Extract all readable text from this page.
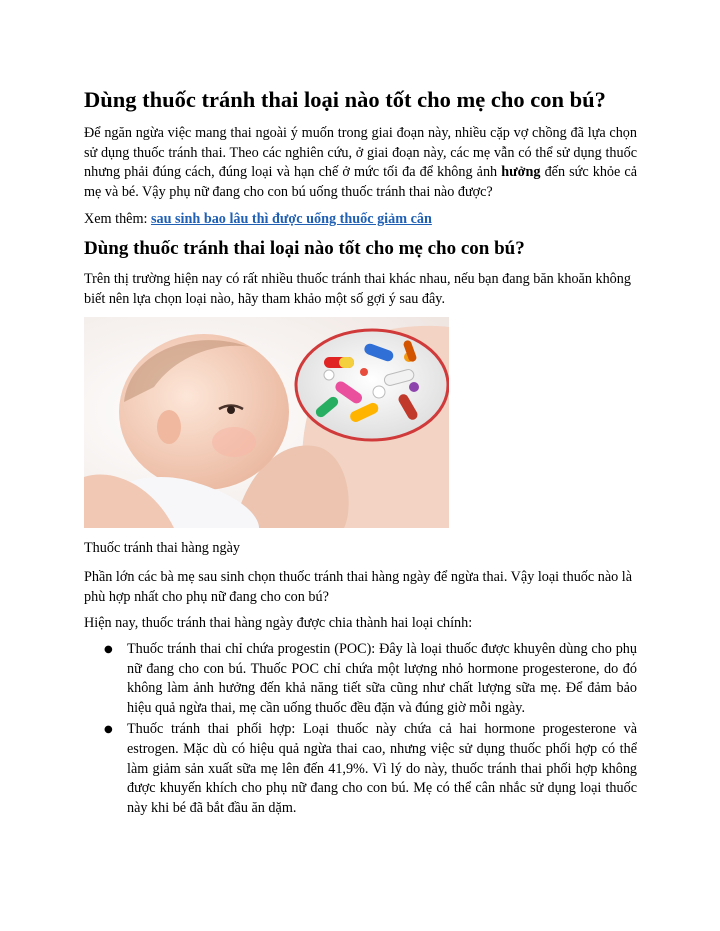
Dùng thuốc tránh thai loại nào tốt cho mẹ cho con bú?

Để ngăn ngừa việc mang thai ngoài ý muốn trong giai đoạn này, nhiều cặp vợ chồng đã lựa chọn sử dụng thuốc tránh thai. Theo các nghiên cứu, ở giai đoạn này, các mẹ vẫn có thể sử dụng thuốc nhưng phải đúng cách, đúng loại và hạn chế ở mức tối đa để không ảnh hưởng đến sức khỏe cả mẹ và bé. Vậy phụ nữ đang cho con bú uống thuốc tránh thai nào được?

Xem thêm: sau sinh bao lâu thì được uống thuốc giảm cân

Dùng thuốc tránh thai loại nào tốt cho mẹ cho con bú?

Trên thị trường hiện nay có rất nhiều thuốc tránh thai khác nhau, nếu bạn đang băn khoăn không biết nên lựa chọn loại nào, hãy tham khảo một số gợi ý sau đây.

Thuốc tránh thai hàng ngày

Phần lớn các bà mẹ sau sinh chọn thuốc tránh thai hàng ngày để ngừa thai. Vậy loại thuốc nào là phù hợp nhất cho phụ nữ đang cho con bú?

Hiện nay, thuốc tránh thai hàng ngày được chia thành hai loại chính:

● Thuốc tránh thai chỉ chứa progestin (POC): Đây là loại thuốc được khuyên dùng cho phụ nữ đang cho con bú. Thuốc POC chỉ chứa một lượng nhỏ hormone progesterone, do đó không làm ảnh hưởng đến khả năng tiết sữa cũng như chất lượng sữa mẹ. Để đảm bảo hiệu quả ngừa thai, mẹ cần uống thuốc đều đặn và đúng giờ mỗi ngày.
● Thuốc tránh thai phối hợp: Loại thuốc này chứa cả hai hormone progesterone và estrogen. Mặc dù có hiệu quả ngừa thai cao, nhưng việc sử dụng thuốc phối hợp có thể làm giảm sản xuất sữa mẹ lên đến 41,9%. Vì lý do này, thuốc tránh thai phối hợp không được khuyến khích cho phụ nữ đang cho con bú. Mẹ có thể cân nhắc sử dụng loại thuốc này khi bé đã bắt đầu ăn dặm.
